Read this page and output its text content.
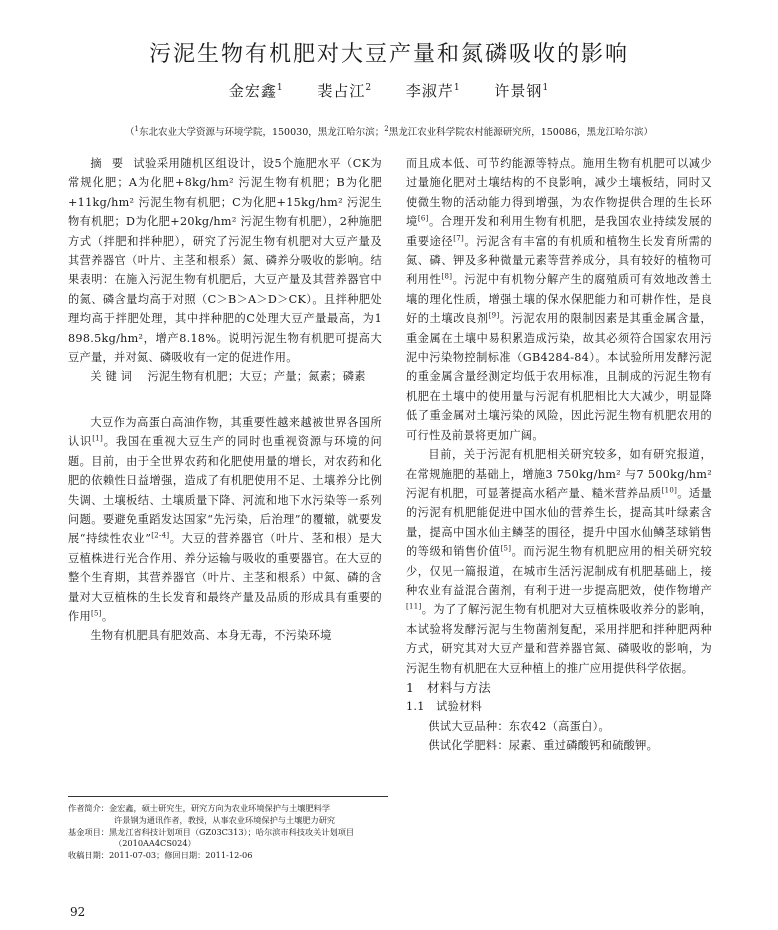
污泥生物有机肥对大豆产量和氮磷吸收的影响
金宏鑫$^1$ 裴占江$^2$ 李淑芹$^1$ 许景钢$^1$
（$^1$东北农业大学资源与环境学院，150030，黑龙江哈尔滨；$^2$黑龙江农业科学院农村能源研究所，150086，黑龙江哈尔滨）

摘要试验采用随机区组设计，设5个施肥水平（CK为常规化肥；A为化肥+8kg/hm² 污泥生物有机肥；B为化肥+11kg/hm² 污泥生物有机肥；C为化肥+15kg/hm² 污泥生物有机肥；D为化肥+20kg/hm² 污泥生物有机肥），2种施肥方式（拌肥和拌种肥），研究了污泥生物有机肥对大豆产量及其营养器官（叶片、主茎和根系）氮、磷养分吸收的影响。结果表明：在施入污泥生物有机肥后，大豆产量及其营养器官中的氮、磷含量均高于对照（C＞B＞A＞D＞CK）。且拌种肥处理均高于拌肥处理，其中拌种肥的C处理大豆产量最高，为1 898.5kg/hm²，增产8.18%。说明污泥生物有机肥可提高大豆产量，并对氮、磷吸收有一定的促进作用。

关键词　 污泥生物有机肥；大豆；产量；氮素；磷素

大豆作为高蛋白高油作物，其重要性越来越被世界各国所认识[1]。我国在重视大豆生产的同时也重视资源与环境的问题。目前，由于全世界农药和化肥使用量的增长，对农药和化肥的依赖性日益增强，造成了有机肥使用不足、土壤养分比例失调、土壤板结、土壤质量下降、河流和地下水污染等一系列问题。要避免重蹈发达国家“先污染，后治理”的覆辙，就要发展“持续性农业”[2-4]。大豆的营养器官（叶片、茎和根）是大豆植株进行光合作用、养分运输与吸收的重要器官。在大豆的整个生育期，其营养器官（叶片、主茎和根系）中氮、磷的含量对大豆植株的生长发育和最终产量及品质的形成具有重要的作用[5]。

生物有机肥具有肥效高、本身无毒，不污染环境

作者简介：金宏鑫，硕士研究生，研究方向为农业环境保护与土壤肥料学
许景钢为通讯作者，教授，从事农业环境保护与土壤肥力研究
基金项目：黑龙江省科技计划项目（GZ03C313）；哈尔滨市科技攻关计划项目（2010AA4CS024）
收稿日期：2011-07-03；修回日期：2011-12-06
92

而且成本低、可节约能源等特点。施用生物有机肥可以减少过量施化肥对土壤结构的不良影响，减少土壤板结，同时又使微生物的活动能力得到增强，为农作物提供合理的生长环境[6]。合理开发和利用生物有机肥，是我国农业持续发展的重要途径[7]。污泥含有丰富的有机质和植物生长发育所需的氮、磷、钾及多种微量元素等营养成分，具有较好的植物可利用性[8]。污泥中有机物分解产生的腐殖质可有效地改善土壤的理化性质，增强土壤的保水保肥能力和可耕作性，是良好的土壤改良剂[9]。污泥农用的限制因素是其重金属含量，重金属在土壤中易积累造成污染，故其必须符合国家农用污泥中污染物控制标准（GB4284-84）。本试验所用发酵污泥的重金属含量经测定均低于农用标准，且制成的污泥生物有机肥在土壤中的使用量与污泥有机肥相比大大减少，明显降低了重金属对土壤污染的风险，因此污泥生物有机肥农用的可行性及前景将更加广阔。

目前，关于污泥有机肥相关研究较多，如有研究报道，在常规施肥的基础上，增施3 750kg/hm² 与7 500kg/hm² 污泥有机肥，可显著提高水稻产量、糙米营养品质[10]。适量的污泥有机肥能促进中国水仙的营养生长，提高其叶绿素含量，提高中国水仙主鳞茎的围径，提升中国水仙鳞茎球销售的等级和销售价值[5]。而污泥生物有机肥应用的相关研究较少，仅见一篇报道，在城市生活污泥制成有机肥基础上，接种农业有益混合菌剂，有利于进一步提高肥效，使作物增产[11]。为了了解污泥生物有机肥对大豆植株吸收养分的影响，本试验将发酵污泥与生物菌剂复配，采用拌肥和拌种肥两种方式，研究其对大豆产量和营养器官氮、磷吸收的影响，为污泥生物有机肥在大豆种植上的推广应用提供科学依据。

1　材料与方法

1.1　试验材料

供试大豆品种：东农42（高蛋白）。

供试化学肥料：尿素、重过磷酸钙和硫酸钾。
